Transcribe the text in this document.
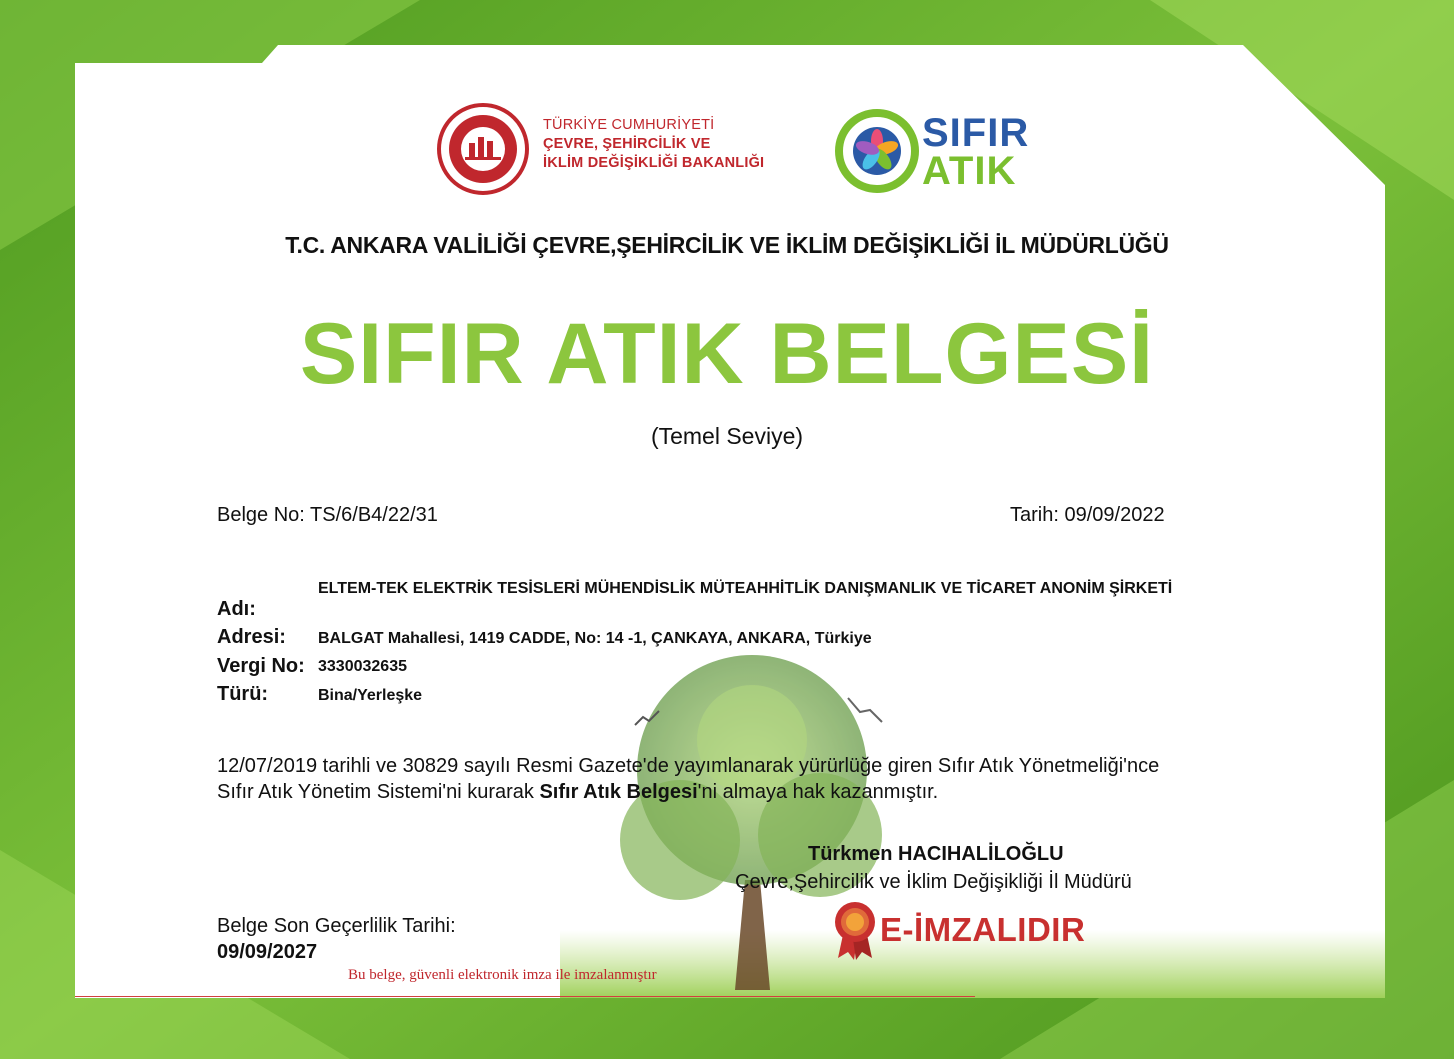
TÜRKİYE CUMHURİYETİ
ÇEVRE, ŞEHİRCİLİK VE
İKLİM DEĞİŞİKLİĞİ BAKANLIĞI
SIFIR
ATIK
T.C. ANKARA VALİLİĞİ ÇEVRE,ŞEHİRCİLİK VE İKLİM DEĞİŞİKLİĞİ İL MÜDÜRLÜĞÜ
SIFIR ATIK BELGESİ
(Temel Seviye)
Belge No: TS/6/B4/22/31	Tarih: 09/09/2022
Adı:
ELTEM-TEK ELEKTRİK TESİSLERİ MÜHENDİSLİK MÜTEAHHİTLİK DANIŞMANLIK VE TİCARET ANONİM ŞİRKETİ
Adresi: BALGAT Mahallesi, 1419 CADDE, No: 14 -1, ÇANKAYA, ANKARA, Türkiye
Vergi No: 3330032635
Türü:	Bina/Yerleşke
12/07/2019 tarihli ve 30829 sayılı Resmi Gazete'de yayımlanarak yürürlüğe giren Sıfır Atık Yönetmeliği'nce Sıfır Atık Yönetim Sistemi'ni kurarak Sıfır Atık Belgesi'ni almaya hak kazanmıştır.
Türkmen HACIHALİLOĞLU
Çevre,Şehircilik ve İklim Değişikliği İl Müdürü
Belge Son Geçerlilik Tarihi:
09/09/2027
Bu belge, güvenli elektronik imza ile imzalanmıştır
E-İMZALIDIR
